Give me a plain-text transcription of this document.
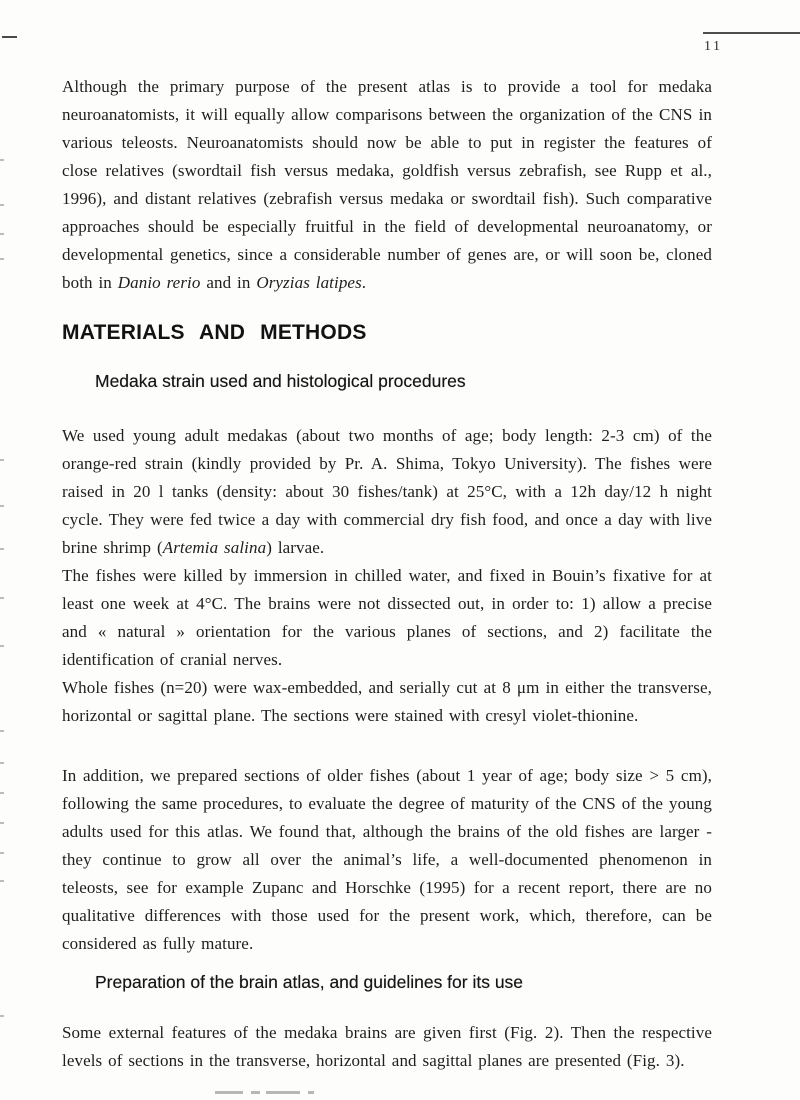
11

Although the primary purpose of the present atlas is to provide a tool for medaka neuroanatomists, it will equally allow comparisons between the organization of the CNS in various teleosts. Neuroanatomists should now be able to put in register the features of close relatives (swordtail fish versus medaka, goldfish versus zebrafish, see Rupp et al., 1996), and distant relatives (zebrafish versus medaka or swordtail fish). Such comparative approaches should be especially fruitful in the field of developmental neuroanatomy, or developmental genetics, since a considerable number of genes are, or will soon be, cloned both in Danio rerio and in Oryzias latipes.

MATERIALS AND METHODS
Medaka strain used and histological procedures

We used young adult medakas (about two months of age; body length: 2-3 cm) of the orange-red strain (kindly provided by Pr. A. Shima, Tokyo University). The fishes were raised in 20 l tanks (density: about 30 fishes/tank) at 25°C, with a 12h day/12 h night cycle. They were fed twice a day with commercial dry fish food, and once a day with live brine shrimp (Artemia salina) larvae.

The fishes were killed by immersion in chilled water, and fixed in Bouin’s fixative for at least one week at 4°C. The brains were not dissected out, in order to: 1) allow a precise and « natural » orientation for the various planes of sections, and 2) facilitate the identification of cranial nerves.

Whole fishes (n=20) were wax-embedded, and serially cut at 8 μm in either the transverse, horizontal or sagittal plane. The sections were stained with cresyl violet-thionine.

In addition, we prepared sections of older fishes (about 1 year of age; body size > 5 cm), following the same procedures, to evaluate the degree of maturity of the CNS of the young adults used for this atlas. We found that, although the brains of the old fishes are larger -they continue to grow all over the animal’s life, a well-documented phenomenon in teleosts, see for example Zupanc and Horschke (1995) for a recent report, there are no qualitative differences with those used for the present work, which, therefore, can be considered as fully mature.

Preparation of the brain atlas, and guidelines for its use

Some external features of the medaka brains are given first (Fig. 2). Then the respective levels of sections in the transverse, horizontal and sagittal planes are presented (Fig. 3).
